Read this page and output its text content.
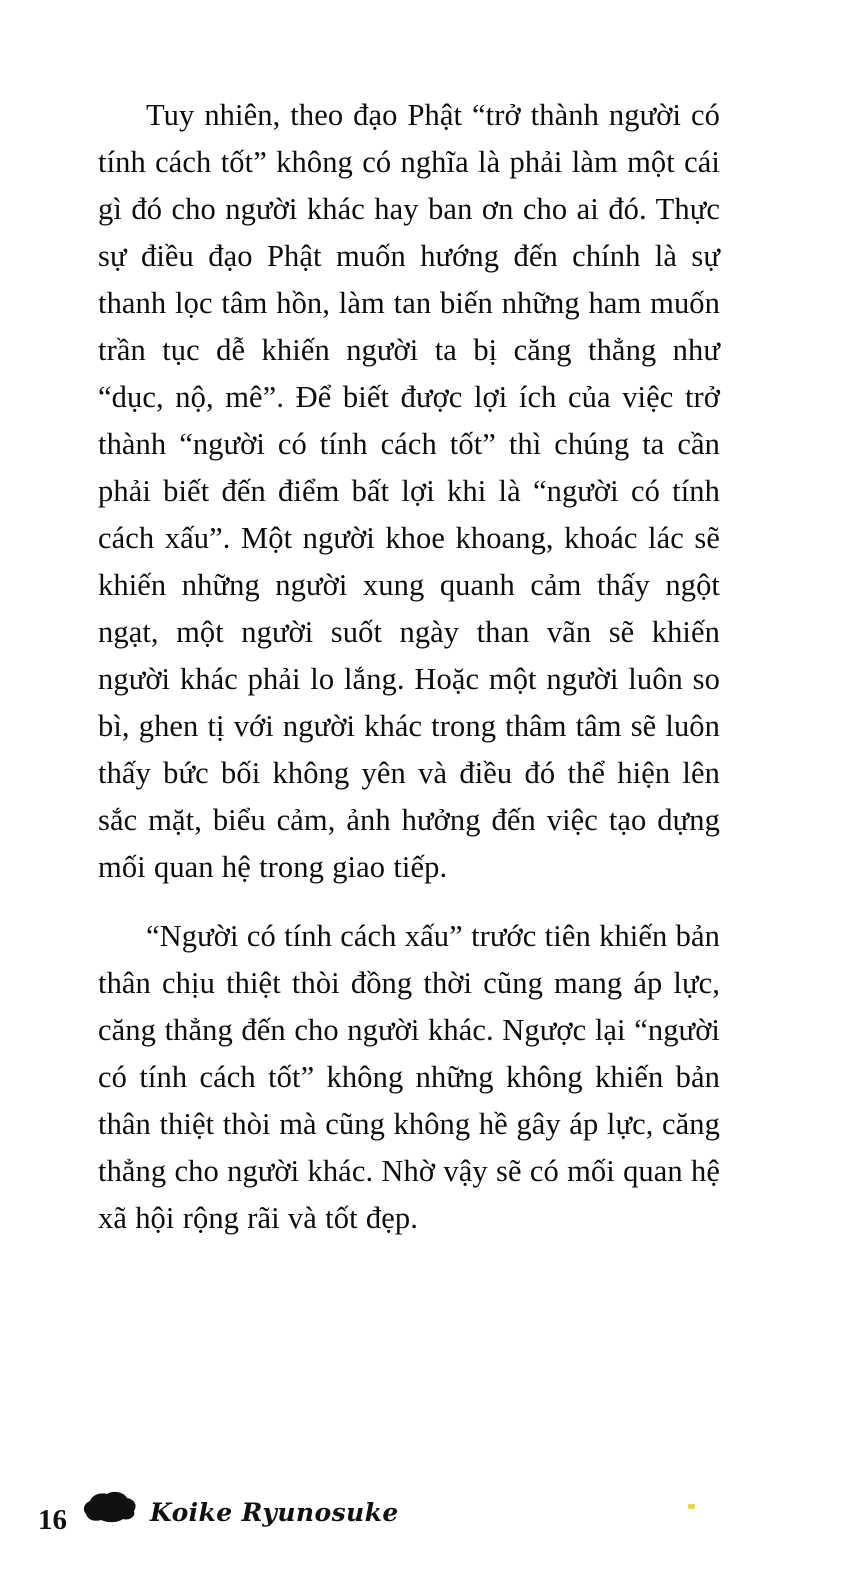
Tuy nhiên, theo đạo Phật “trở thành người có tính cách tốt” không có nghĩa là phải làm một cái gì đó cho người khác hay ban ơn cho ai đó. Thực sự điều đạo Phật muốn hướng đến chính là sự thanh lọc tâm hồn, làm tan biến những ham muốn trần tục dễ khiến người ta bị căng thẳng như “dục, nộ, mê”. Để biết được lợi ích của việc trở thành “người có tính cách tốt” thì chúng ta cần phải biết đến điểm bất lợi khi là “người có tính cách xấu”. Một người khoe khoang, khoác lác sẽ khiến những người xung quanh cảm thấy ngột ngạt, một người suốt ngày than vãn sẽ khiến người khác phải lo lắng. Hoặc một người luôn so bì, ghen tị với người khác trong thâm tâm sẽ luôn thấy bức bối không yên và điều đó thể hiện lên sắc mặt, biểu cảm, ảnh hưởng đến việc tạo dựng mối quan hệ trong giao tiếp.

“Người có tính cách xấu” trước tiên khiến bản thân chịu thiệt thòi đồng thời cũng mang áp lực, căng thẳng đến cho người khác. Ngược lại “người có tính cách tốt” không những không khiến bản thân thiệt thòi mà cũng không hề gây áp lực, căng thẳng cho người khác. Nhờ vậy sẽ có mối quan hệ xã hội rộng rãi và tốt đẹp.

16	Koike Ryunosuke
